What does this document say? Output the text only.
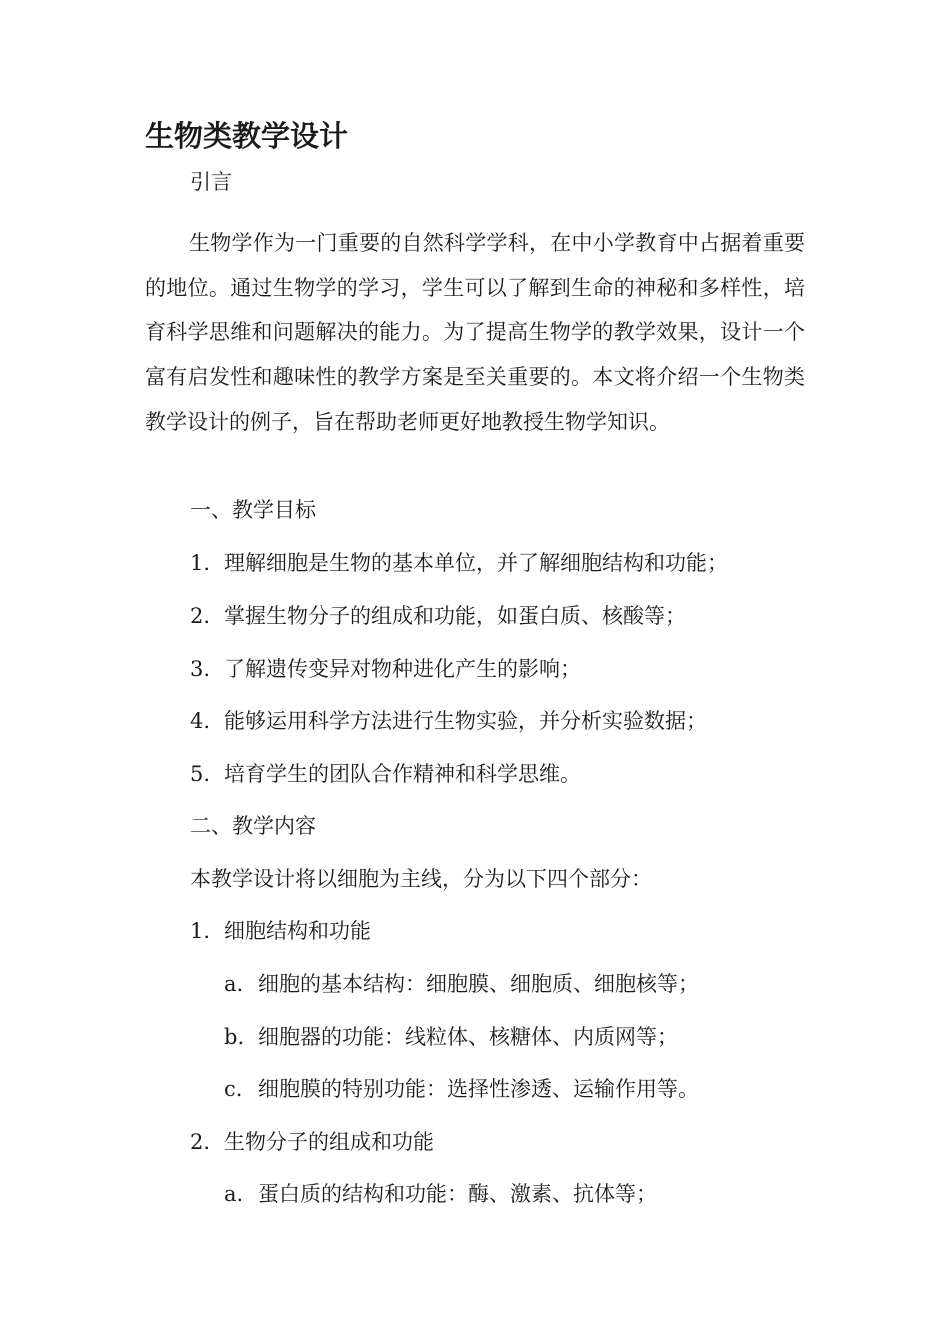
生物类教学设计

引言

生物学作为一门重要的自然科学学科，在中小学教育中占据着重要的地位。通过生物学的学习，学生可以了解到生命的神秘和多样性，培育科学思维和问题解决的能力。为了提高生物学的教学效果，设计一个富有启发性和趣味性的教学方案是至关重要的。本文将介绍一个生物类教学设计的例子，旨在帮助老师更好地教授生物学知识。

一、教学目标

1. 理解细胞是生物的基本单位，并了解细胞结构和功能；

2. 掌握生物分子的组成和功能，如蛋白质、核酸等；

3. 了解遗传变异对物种进化产生的影响；

4. 能够运用科学方法进行生物实验，并分析实验数据；

5. 培育学生的团队合作精神和科学思维。

二、教学内容

本教学设计将以细胞为主线，分为以下四个部分：

1. 细胞结构和功能

a. 细胞的基本结构：细胞膜、细胞质、细胞核等；

b. 细胞器的功能：线粒体、核糖体、内质网等；

c. 细胞膜的特别功能：选择性渗透、运输作用等。

2. 生物分子的组成和功能

a. 蛋白质的结构和功能：酶、激素、抗体等；
